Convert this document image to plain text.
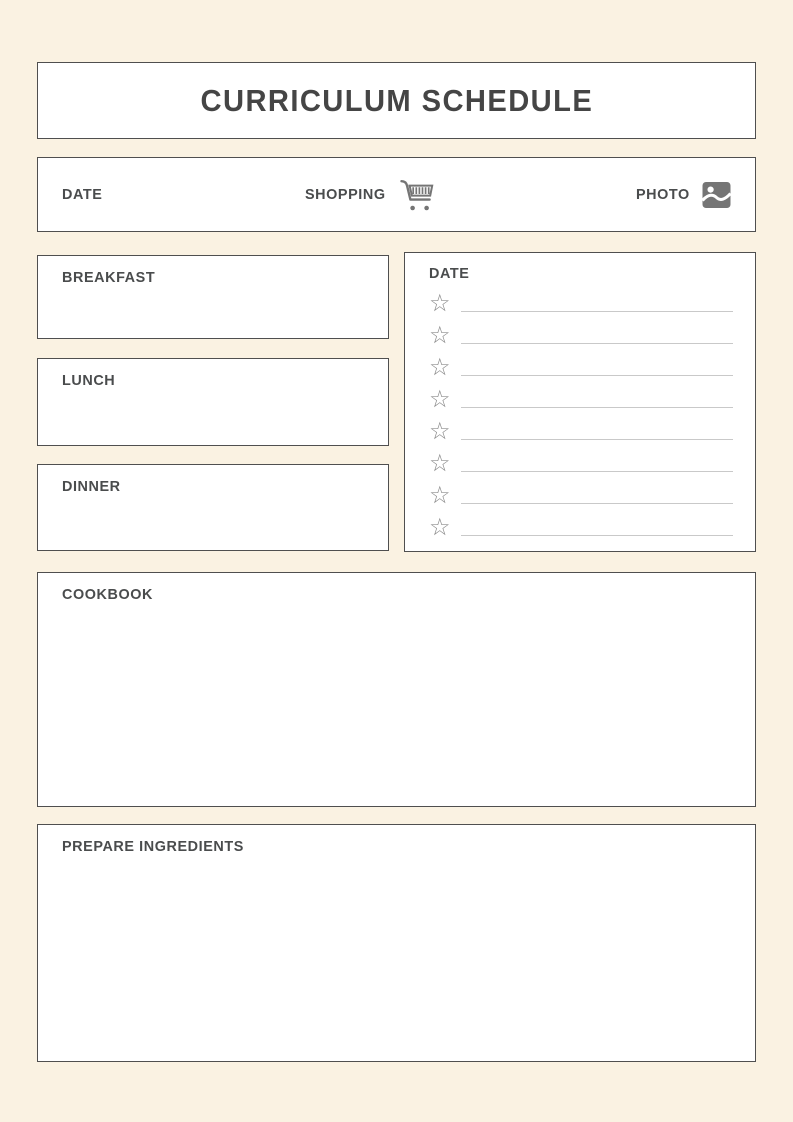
CURRICULUM SCHEDULE
DATE	SHOPPING	PHOTO
BREAKFAST
LUNCH
DINNER
DATE
☆
☆
☆
☆
☆
☆
☆
☆
COOKBOOK
PREPARE INGREDIENTS
